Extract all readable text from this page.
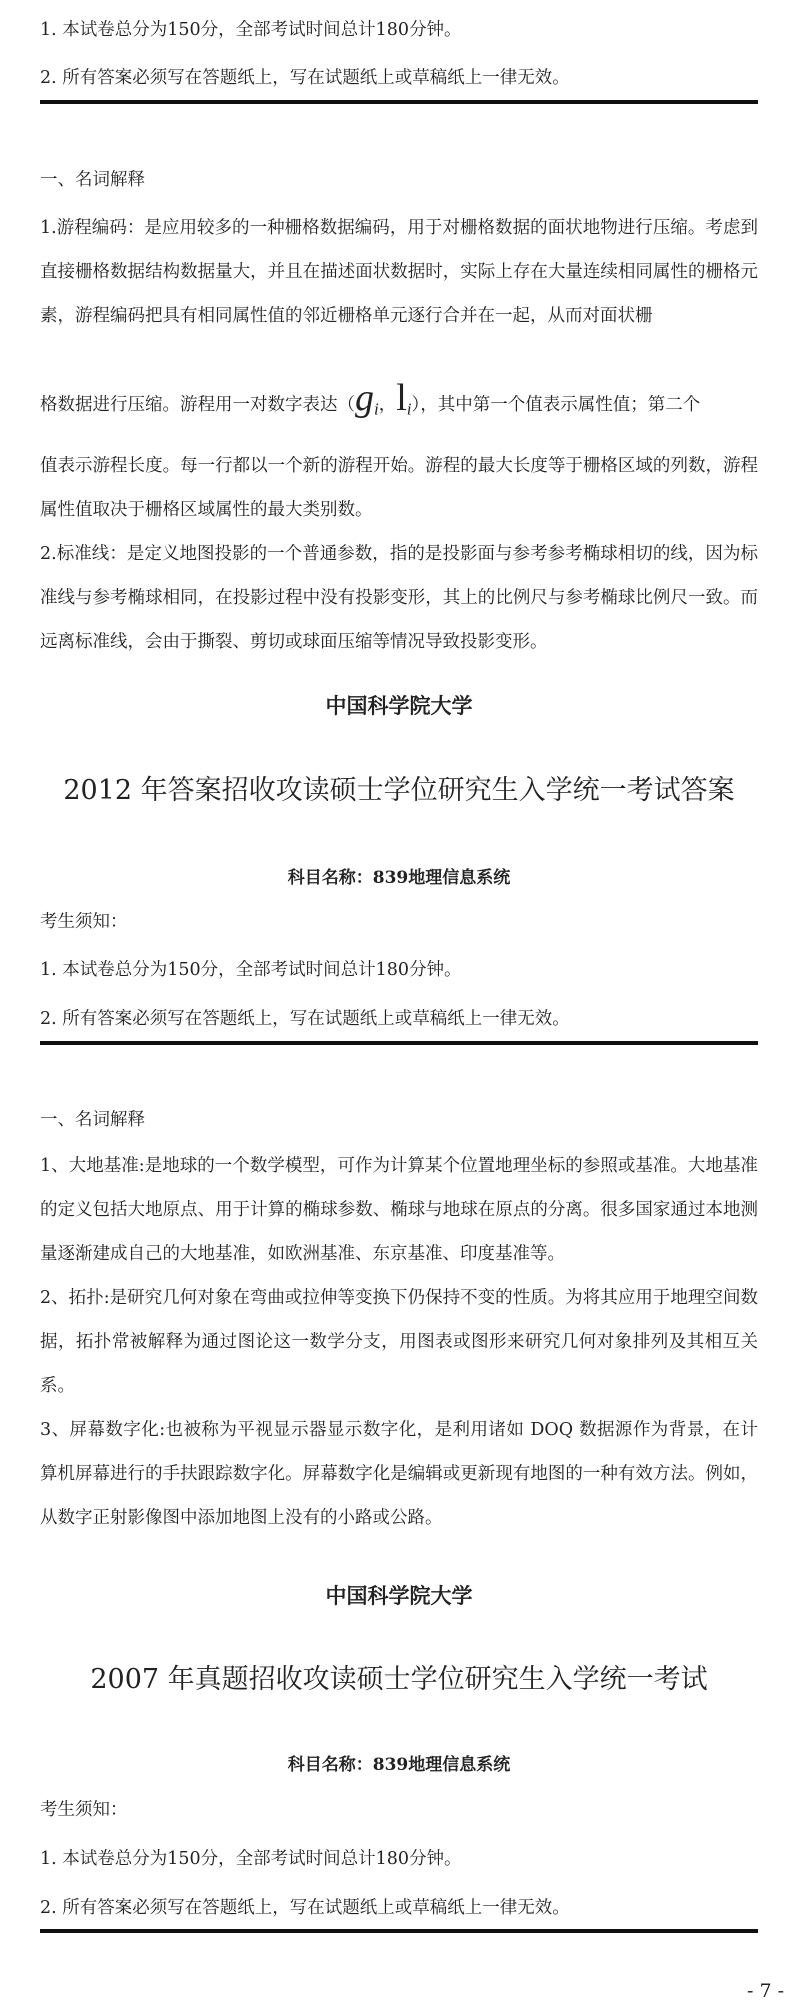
1. 本试卷总分为150分，全部考试时间总计180分钟。
2. 所有答案必须写在答题纸上，写在试题纸上或草稿纸上一律无效。
一、名词解释
1.游程编码：是应用较多的一种栅格数据编码，用于对栅格数据的面状地物进行压缩。考虑到直接栅格数据结构数据量大，并且在描述面状数据时，实际上存在大量连续相同属性的栅格元素，游程编码把具有相同属性值的邻近栅格单元逐行合并在一起，从而对面状栅
格数据进行压缩。游程用一对数字表达（$g_i$，$l_i$），其中第一个值表示属性值；第二个
值表示游程长度。每一行都以一个新的游程开始。游程的最大长度等于栅格区域的列数，游程属性值取决于栅格区域属性的最大类别数。
2.标准线：是定义地图投影的一个普通参数，指的是投影面与参考参考椭球相切的线，因为标准线与参考椭球相同，在投影过程中没有投影变形，其上的比例尺与参考椭球比例尺一致。而远离标准线，会由于撕裂、剪切或球面压缩等情况导致投影变形。
中国科学院大学
2012 年答案招收攻读硕士学位研究生入学统一考试答案
科目名称：839地理信息系统
考生须知：
1. 本试卷总分为150分，全部考试时间总计180分钟。
2. 所有答案必须写在答题纸上，写在试题纸上或草稿纸上一律无效。
一、名词解释
1、大地基准:是地球的一个数学模型，可作为计算某个位置地理坐标的参照或基准。大地基准的定义包括大地原点、用于计算的椭球参数、椭球与地球在原点的分离。很多国家通过本地测量逐渐建成自己的大地基准，如欧洲基准、东京基准、印度基准等。
2、拓扑:是研究几何对象在弯曲或拉伸等变换下仍保持不变的性质。为将其应用于地理空间数据，拓扑常被解释为通过图论这一数学分支，用图表或图形来研究几何对象排列及其相互关系。
3、屏幕数字化:也被称为平视显示器显示数字化，是利用诸如 DOQ 数据源作为背景，在计算机屏幕进行的手扶跟踪数字化。屏幕数字化是编辑或更新现有地图的一种有效方法。例如，从数字正射影像图中添加地图上没有的小路或公路。
中国科学院大学
2007 年真题招收攻读硕士学位研究生入学统一考试
科目名称：839地理信息系统
考生须知：
1. 本试卷总分为150分，全部考试时间总计180分钟。
2. 所有答案必须写在答题纸上，写在试题纸上或草稿纸上一律无效。
- 7 -
